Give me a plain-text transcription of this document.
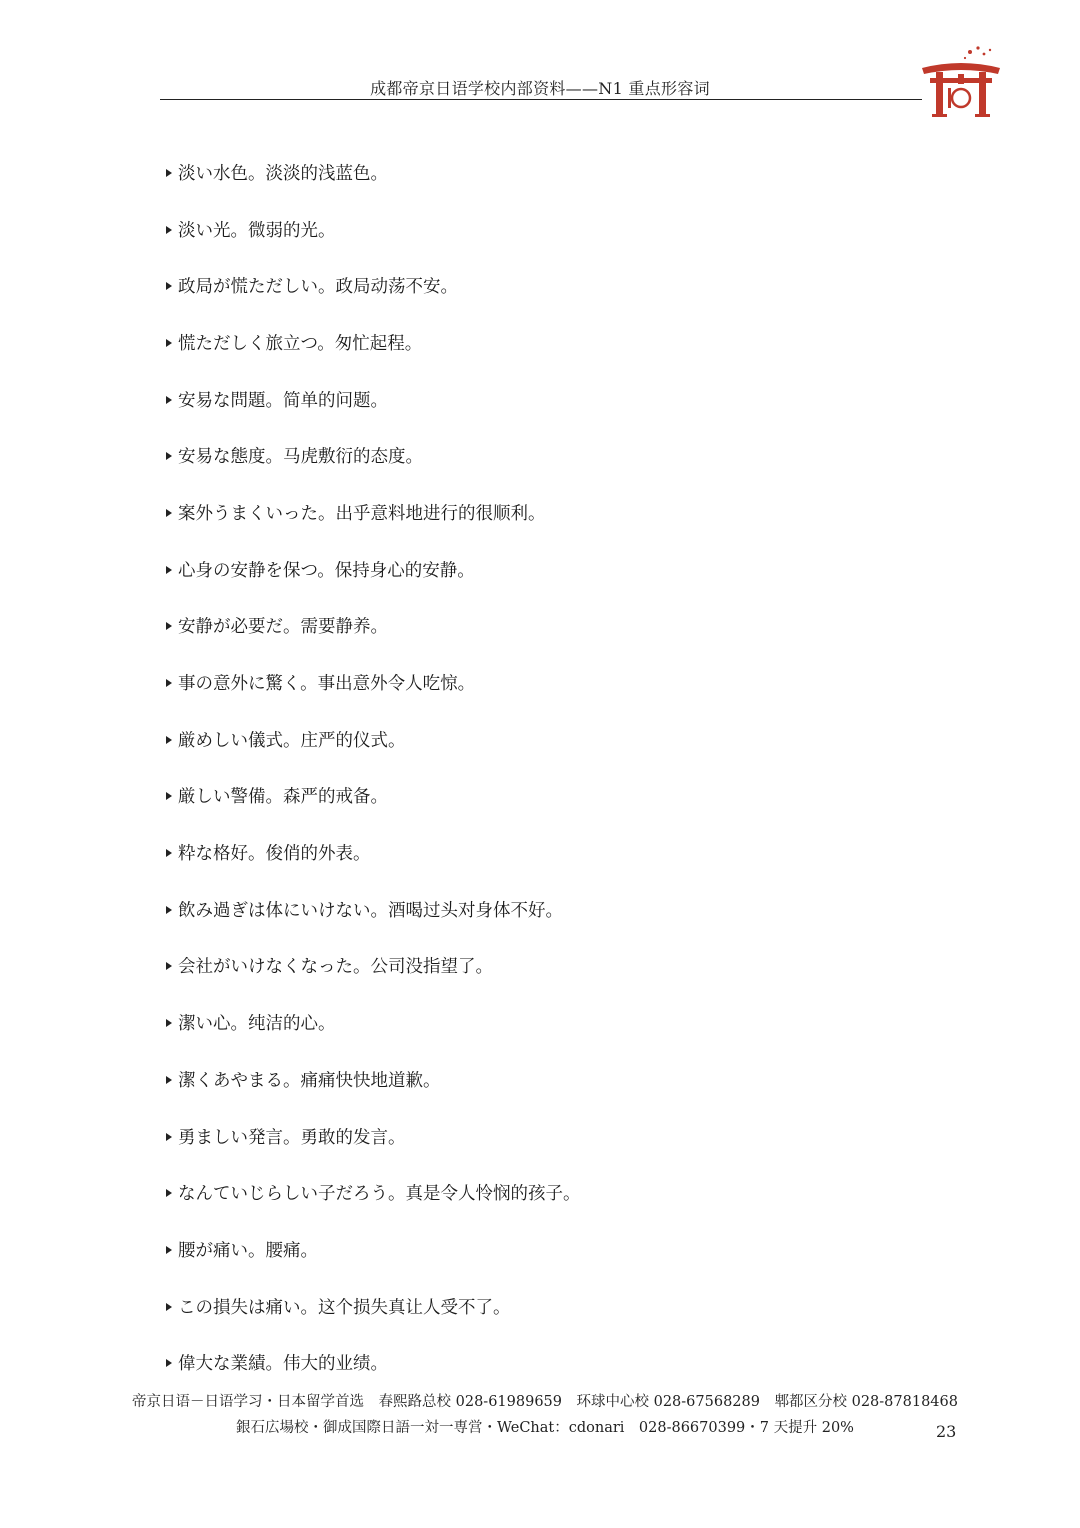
成都帝京日语学校内部资料——N1 重点形容词
淡い水色。淡淡的浅蓝色。
淡い光。微弱的光。
政局が慌ただしい。政局动荡不安。
慌ただしく旅立つ。匆忙起程。
安易な問題。简单的问题。
安易な態度。马虎敷衍的态度。
案外うまくいった。出乎意料地进行的很顺利。
心身の安静を保つ。保持身心的安静。
安静が必要だ。需要静养。
事の意外に驚く。事出意外令人吃惊。
厳めしい儀式。庄严的仪式。
厳しい警備。森严的戒备。
粋な格好。俊俏的外表。
飲み過ぎは体にいけない。酒喝过头对身体不好。
会社がいけなくなった。公司没指望了。
潔い心。纯洁的心。
潔くあやまる。痛痛快快地道歉。
勇ましい発言。勇敢的发言。
なんていじらしい子だろう。真是令人怜悯的孩子。
腰が痛い。腰痛。
この損失は痛い。这个损失真让人受不了。
偉大な業績。伟大的业绩。
帝京日语－日语学习・日本留学首选　春熙路总校 028-61989659　环球中心校 028-67568289　郫都区分校 028-87818468
銀石広場校・御成国際日語一対一専営・WeChat：cdonari　028-86670399・7 天提升 20%	23
